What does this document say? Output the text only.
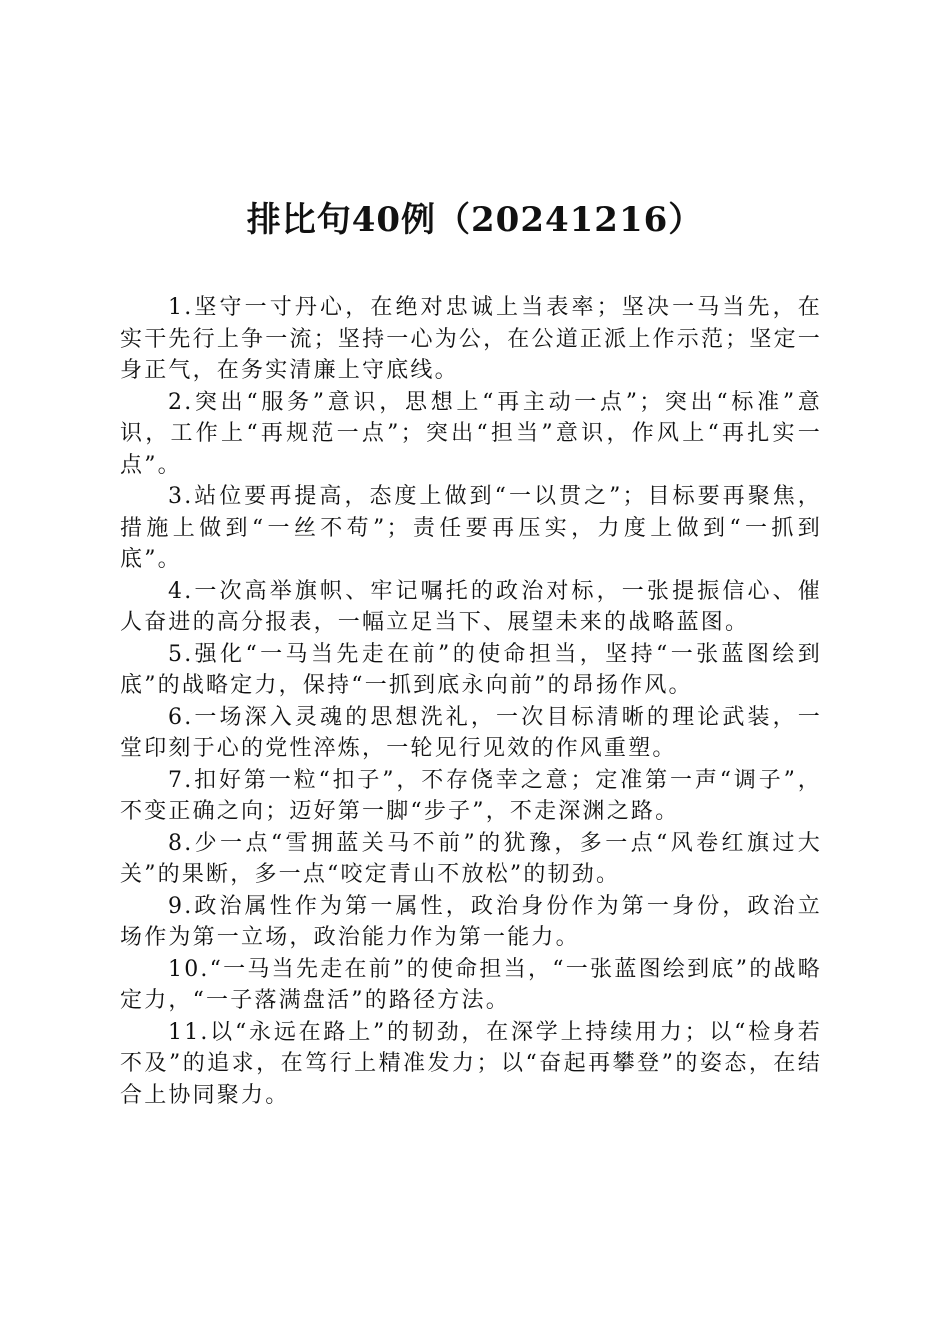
排比句40例（20241216）

1.坚守一寸丹心，在绝对忠诚上当表率；坚决一马当先，在实干先行上争一流；坚持一心为公，在公道正派上作示范；坚定一身正气，在务实清廉上守底线。

2.突出“服务”意识，思想上“再主动一点”；突出“标准”意识，工作上“再规范一点”；突出“担当”意识，作风上“再扎实一点”。

3.站位要再提高，态度上做到“一以贯之”；目标要再聚焦，措施上做到“一丝不苟”；责任要再压实，力度上做到“一抓到底”。

4.一次高举旗帜、牢记嘱托的政治对标，一张提振信心、催人奋进的高分报表，一幅立足当下、展望未来的战略蓝图。

5.强化“一马当先走在前”的使命担当，坚持“一张蓝图绘到底”的战略定力，保持“一抓到底永向前”的昂扬作风。

6.一场深入灵魂的思想洗礼，一次目标清晰的理论武装，一堂印刻于心的党性淬炼，一轮见行见效的作风重塑。

7.扣好第一粒“扣子”，不存侥幸之意；定准第一声“调子”，不变正确之向；迈好第一脚“步子”，不走深渊之路。

8.少一点“雪拥蓝关马不前”的犹豫，多一点“风卷红旗过大关”的果断，多一点“咬定青山不放松”的韧劲。

9.政治属性作为第一属性，政治身份作为第一身份，政治立场作为第一立场，政治能力作为第一能力。

10.“一马当先走在前”的使命担当，“一张蓝图绘到底”的战略定力，“一子落满盘活”的路径方法。

11.以“永远在路上”的韧劲，在深学上持续用力；以“检身若不及”的追求，在笃行上精准发力；以“奋起再攀登”的姿态，在结合上协同聚力。
